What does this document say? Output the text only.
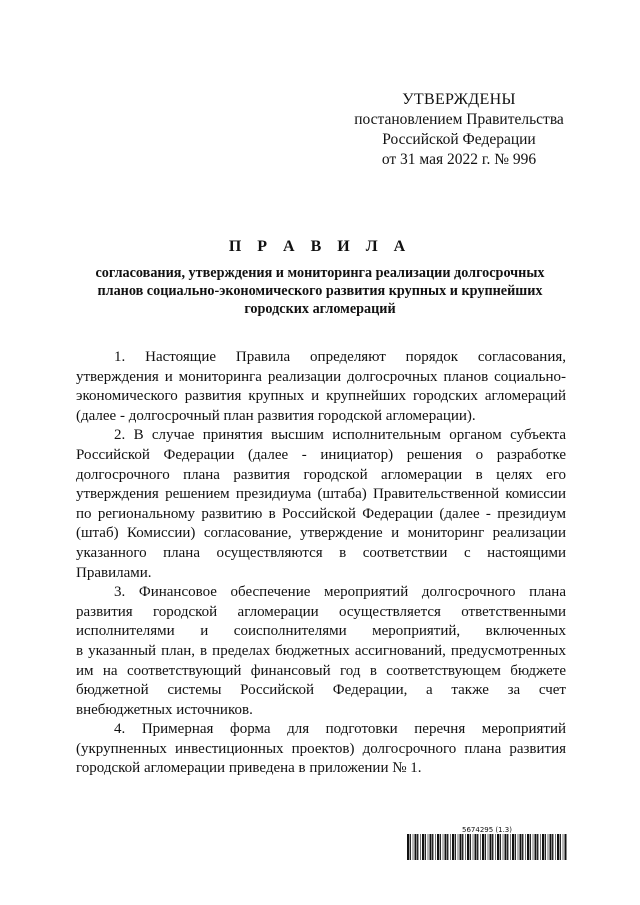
УТВЕРЖДЕНЫ
постановлением Правительства
Российской Федерации
от 31 мая 2022 г. № 996
П Р А В И Л А
согласования, утверждения и мониторинга реализации долгосрочных
планов социально-экономического развития крупных и крупнейших
городских агломераций
1. Настоящие Правила определяют порядок согласования,
утверждения и мониторинга реализации долгосрочных планов социально-
экономического развития крупных и крупнейших городских агломераций
(далее - долгосрочный план развития городской агломерации).
2. В случае принятия высшим исполнительным органом субъекта
Российской Федерации (далее - инициатор) решения о разработке
долгосрочного плана развития городской агломерации в целях его
утверждения решением президиума (штаба) Правительственной комиссии
по региональному развитию в Российской Федерации (далее - президиум
(штаб) Комиссии) согласование, утверждение и мониторинг реализации
указанного плана осуществляются в соответствии с настоящими
Правилами.
3. Финансовое обеспечение мероприятий долгосрочного плана
развития городской агломерации осуществляется ответственными
исполнителями и соисполнителями мероприятий, включенных
в указанный план, в пределах бюджетных ассигнований, предусмотренных
им на соответствующий финансовый год в соответствующем бюджете
бюджетной системы Российской Федерации, а также за счет
внебюджетных источников.
4. Примерная форма для подготовки перечня мероприятий
(укрупненных инвестиционных проектов) долгосрочного плана развития
городской агломерации приведена в приложении № 1.
5674295 (1.3)
